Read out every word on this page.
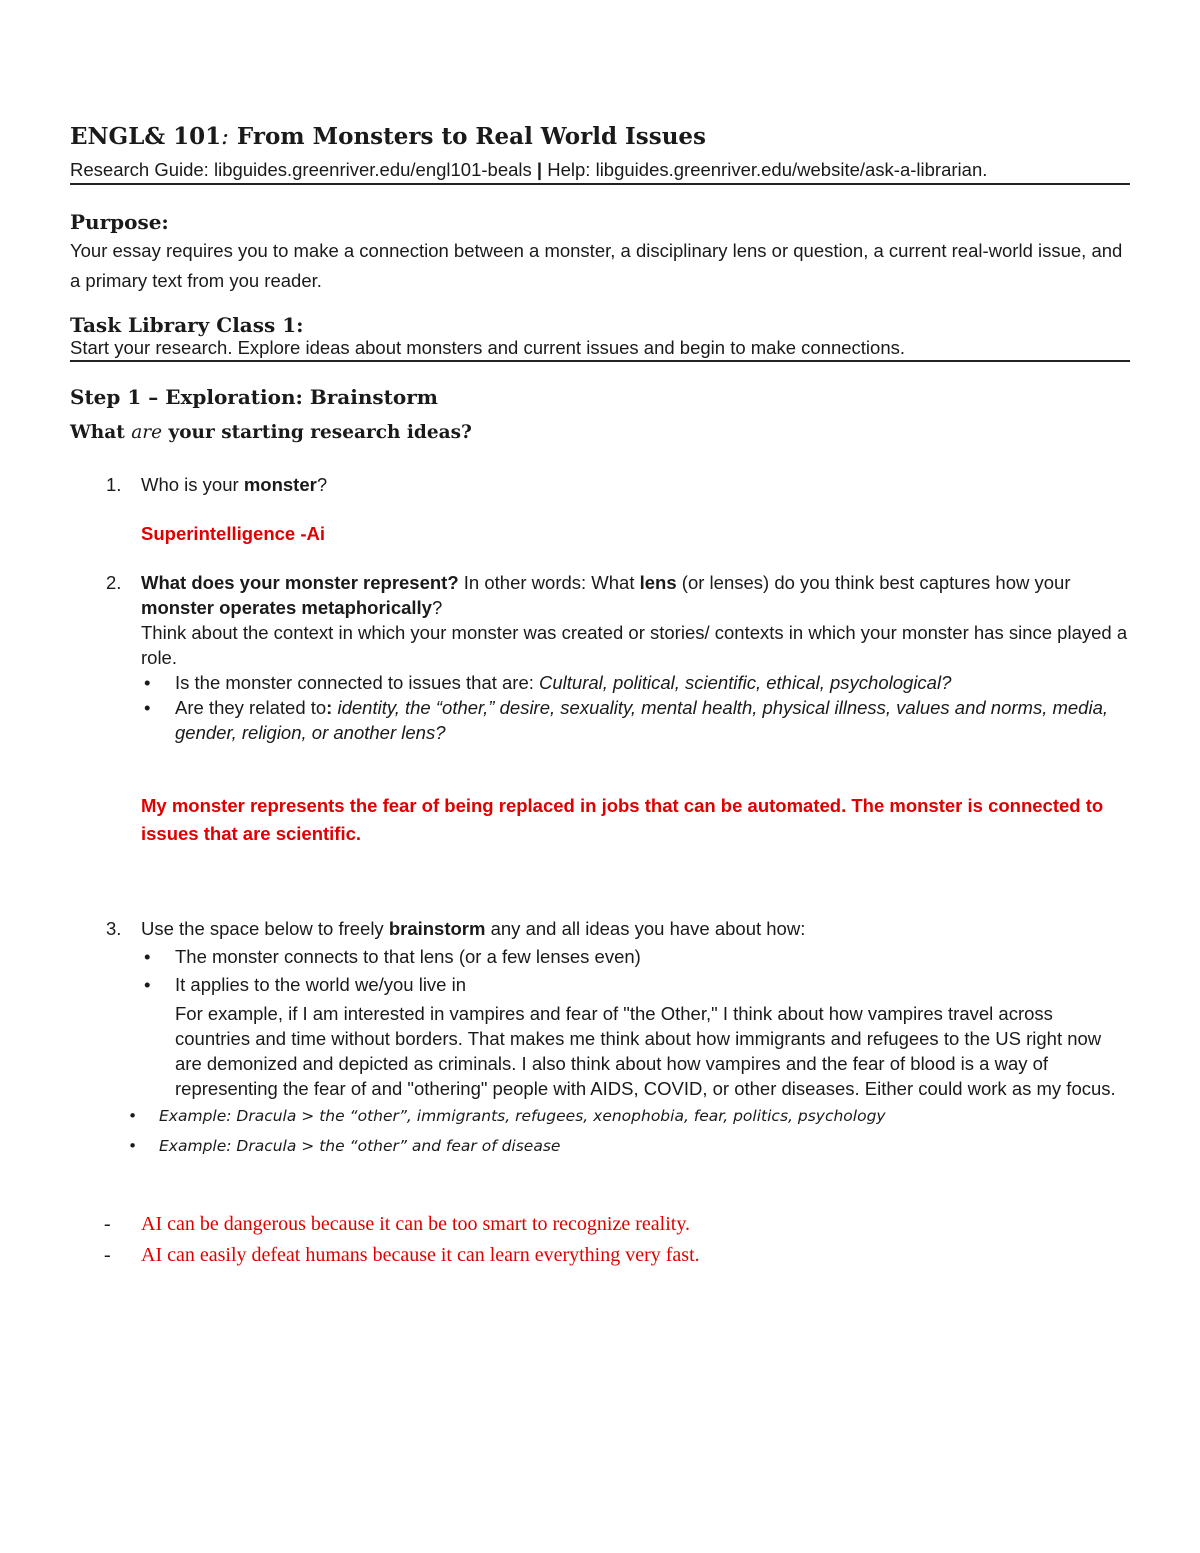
ENGL& 101: From Monsters to Real World Issues

Research Guide: libguides.greenriver.edu/engl101-beals | Help: libguides.greenriver.edu/website/ask-a-librarian.

Purpose:

Your essay requires you to make a connection between a monster, a disciplinary lens or question, a current real-world issue, and a primary text from you reader.

Task Library Class 1:

Start your research. Explore ideas about monsters and current issues and begin to make connections.

Step 1 – Exploration: Brainstorm

What are your starting research ideas?

1. Who is your monster?
Superintelligence -Ai
2. What does your monster represent? In other words: What lens (or lenses) do you think best captures how your monster operates metaphorically?
Think about the context in which your monster was created or stories/ contexts in which your monster has since played a role.
• Is the monster connected to issues that are: Cultural, political, scientific, ethical, psychological?
• Are they related to: identity, the “other,” desire, sexuality, mental health, physical illness, values and norms, media, gender, religion, or another lens?
My monster represents the fear of being replaced in jobs that can be automated. The monster is connected to issues that are scientific.
3. Use the space below to freely brainstorm any and all ideas you have about how:
• The monster connects to that lens (or a few lenses even)
• It applies to the world we/you live in
For example, if I am interested in vampires and fear of "the Other," I think about how vampires travel across countries and time without borders. That makes me think about how immigrants and refugees to the US right now are demonized and depicted as criminals. I also think about how vampires and the fear of blood is a way of representing the fear of and "othering" people with AIDS, COVID, or other diseases. Either could work as my focus.
• Example: Dracula > the “other”, immigrants, refugees, xenophobia, fear, politics, psychology
• Example: Dracula > the “other” and fear of disease
- AI can be dangerous because it can be too smart to recognize reality.
- AI can easily defeat humans because it can learn everything very fast.
